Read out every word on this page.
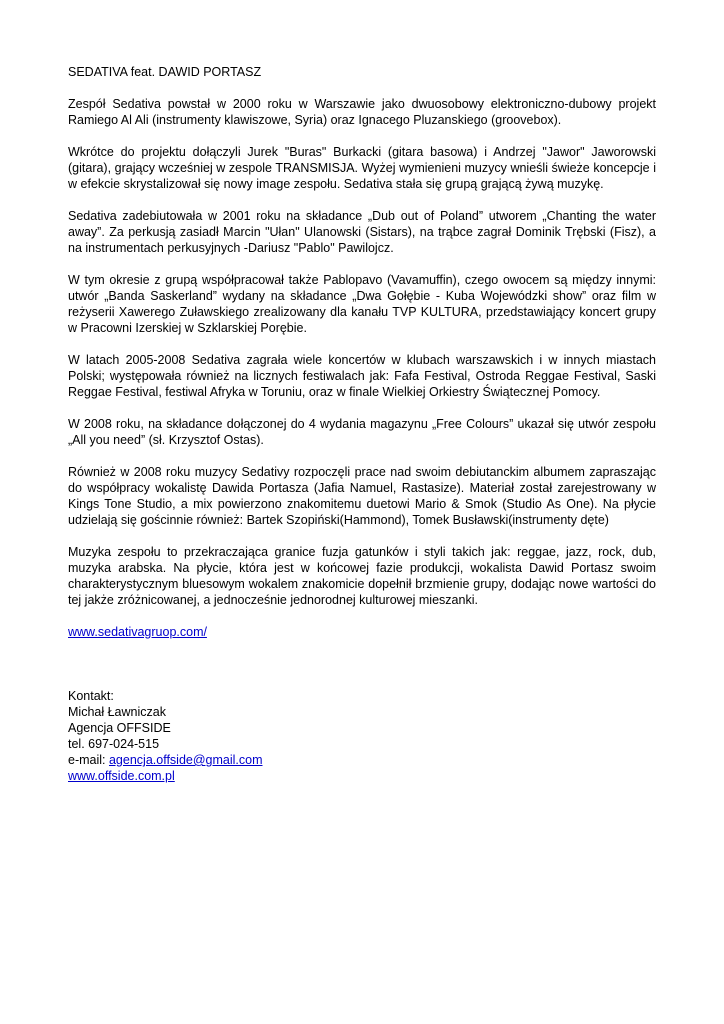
SEDATIVA feat. DAWID PORTASZ

Zespół Sedativa powstał w 2000 roku w Warszawie jako dwuosobowy elektroniczno-dubowy projekt Ramiego Al Ali (instrumenty klawiszowe, Syria) oraz Ignacego Pluzanskiego (groovebox).

Wkrótce do projektu dołączyli Jurek "Buras" Burkacki (gitara basowa) i Andrzej "Jawor" Jaworowski (gitara), grający wcześniej w zespole TRANSMISJA. Wyżej wymienieni muzycy wnieśli świeże koncepcje i w efekcie skrystalizował się nowy image zespołu. Sedativa stała się grupą grającą żywą muzykę.

Sedativa zadebiutowała w 2001 roku na składance „Dub out of Poland” utworem „Chanting the water away”. Za perkusją zasiadł Marcin "Ułan" Ulanowski (Sistars), na trąbce zagrał Dominik Trębski (Fisz), a na instrumentach perkusyjnych -Dariusz "Pablo" Pawilojcz.

W tym okresie z grupą współpracował także Pablopavo (Vavamuffin), czego owocem są między innymi: utwór „Banda Saskerland” wydany na składance „Dwa Gołębie - Kuba Wojewódzki show” oraz film w reżyserii Xawerego Zuławskiego zrealizowany dla kanału TVP KULTURA, przedstawiający koncert grupy w Pracowni Izerskiej w Szklarskiej Porębie.

W latach 2005-2008 Sedativa zagrała wiele koncertów w klubach warszawskich i w innych miastach Polski; występowała również na licznych festiwalach jak: Fafa Festival, Ostroda Reggae Festival, Saski Reggae Festival, festiwal Afryka w Toruniu, oraz w finale Wielkiej Orkiestry Świątecznej Pomocy.

W 2008 roku, na składance dołączonej do 4 wydania magazynu „Free Colours” ukazał się utwór zespołu „All you need” (sł. Krzysztof Ostas).

Również w 2008 roku muzycy Sedativy rozpoczęli prace nad swoim debiutanckim albumem zapraszając do współpracy wokalistę Dawida Portasza (Jafia Namuel, Rastasize). Materiał został zarejestrowany w Kings Tone Studio, a mix powierzono znakomitemu duetowi Mario & Smok (Studio As One). Na płycie udzielają się gościnnie również: Bartek Szopiński(Hammond), Tomek Busławski(instrumenty dęte)

Muzyka zespołu to przekraczająca granice fuzja gatunków i styli takich jak: reggae, jazz, rock, dub, muzyka arabska. Na płycie, która jest w końcowej fazie produkcji, wokalista Dawid Portasz swoim charakterystycznym bluesowym wokalem znakomicie dopełnił brzmienie grupy, dodając nowe wartości do tej jakże zróżnicowanej, a jednocześnie jednorodnej kulturowej mieszanki.

www.sedativagruop.com/

Kontakt:

Michał Ławniczak

Agencja OFFSIDE

tel. 697-024-515

e-mail: agencja.offside@gmail.com

www.offside.com.pl
